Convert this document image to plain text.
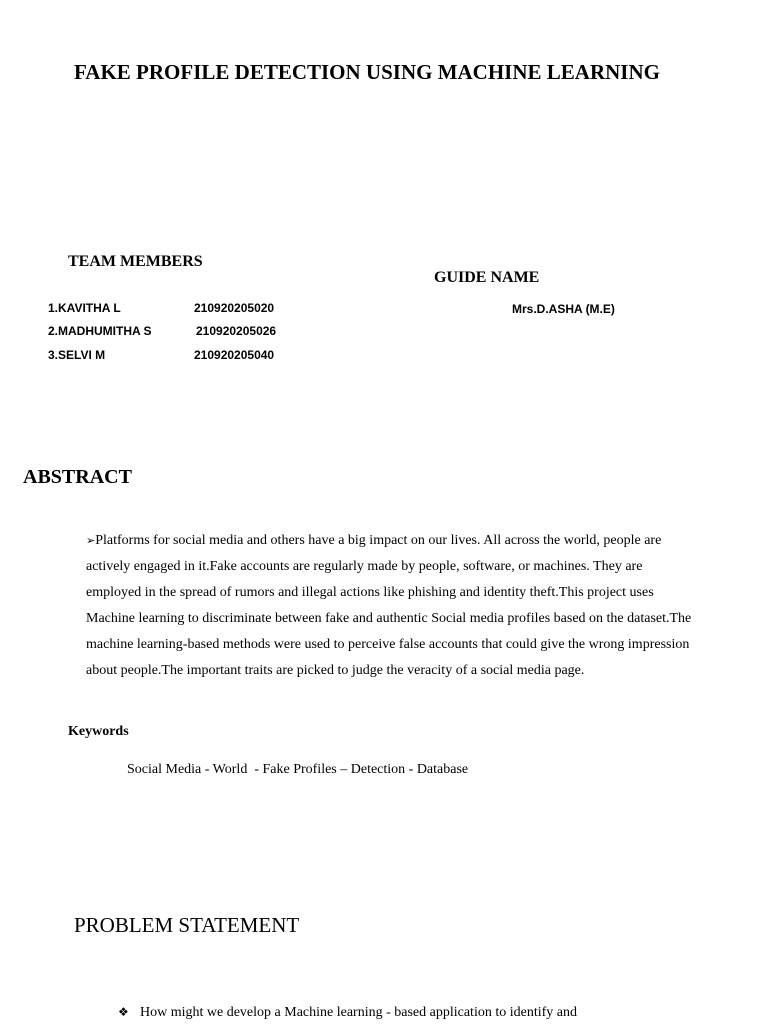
FAKE PROFILE DETECTION USING MACHINE LEARNING
TEAM MEMBERS
1.KAVITHA L	210920205020
2.MADHUMITHA S	210920205026
3.SELVI M	210920205040
GUIDE NAME
Mrs.D.ASHA (M.E)
ABSTRACT
➢Platforms for social media and others have a big impact on our lives. All across the world, people are actively engaged in it.Fake accounts are regularly made by people, software, or machines. They are employed in the spread of rumors and illegal actions like phishing and identity theft.This project uses Machine learning to discriminate between fake and authentic Social media profiles based on the dataset.The machine learning-based methods were used to perceive false accounts that could give the wrong impression about people.The important traits are picked to judge the veracity of a social media page.
Keywords
Social Media - World  - Fake Profiles – Detection - Database
PROBLEM STATEMENT
❖ How might we develop a Machine learning - based application to identify and
